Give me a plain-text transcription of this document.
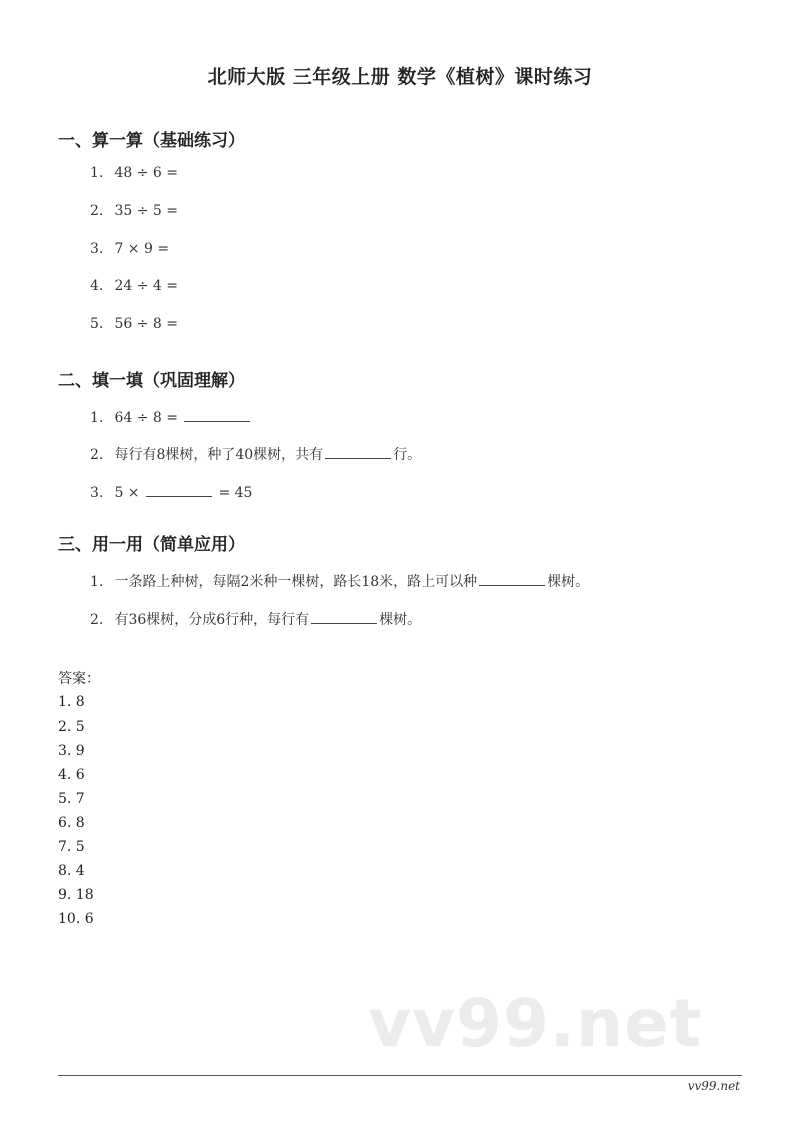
北师大版 三年级上册 数学《植树》课时练习
一、算一算（基础练习）
1. 48 ÷ 6 =
2. 35 ÷ 5 =
3. 7 × 9 =
4. 24 ÷ 4 =
5. 56 ÷ 8 =
二、填一填（巩固理解）
1. 64 ÷ 8 =
2. 每行有8棵树，种了40棵树，共有	行。
3. 5 ×	= 45
三、用一用（简单应用）
1. 一条路上种树，每隔2米种一棵树，路长18米，路上可以种	棵树。
2. 有36棵树，分成6行种，每行有	棵树。
答案：
1. 8
2. 5
3. 9
4. 6
5. 7
6. 8
7. 5
8. 4
9. 18
10. 6
vv99.net
vv99.net
